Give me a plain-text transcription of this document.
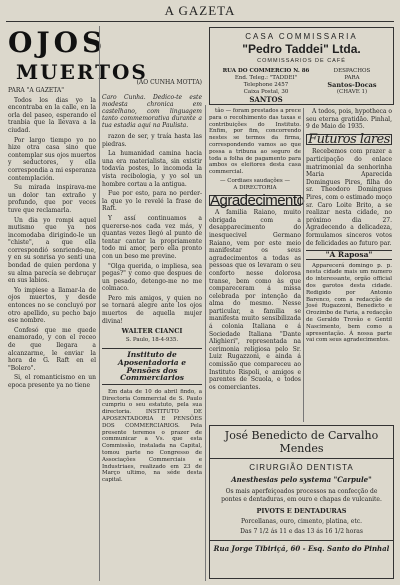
A GAZETA
OJOS
MUERTOS
PARA "A GAZETA"

Todos los dias yo la encontraba en la calle, en la orla del paseo, esperando el tranbia que la llevava a la ciudad.

Por largo tiempo yo no hize otra casa sino que contemplar sus ojos muertos y seductores, y ella correspondia a mi esperanza contemplación.

Su mirada inspirava-me un dolor tan extraño y profundo, que por veces tuve que reclamarla.

Un dia yo rompi aquel mutismo que ya nos incomodaba dirigindo-le un "chiste", a que ella correspondió sonriendo-me, y en su sonrisa yo sentí una bondad de quien perdona y su alma parecía se debruçar en sus labios.

Yo impiese a llamar-la de ojos muertos, y desde entonces no se concluyó por otro apellido, su pecho bajo ese nombre.

Confesó que me quede enamorado, y con el receo de que llegara a alcanzarme, le enviar la hora de G. Raft en el "Bolero".

Si, el romanticismo en un epoca presente ya no tiene

(AO CUNHA MOTTA)
Caro Cunha. Dedico-te este modesta chronica em castelhano, com linguagem tanto commemorativa durante a tua estadia aqui na Paulista.

razon de ser, y traía hasta las piedras.

La humanidad camina hacia una era materialista, sin existir todavía postes, lo incomoda la vista recibologia, y yo sol un hombre cortau a la antigua.

Fue por esto, para no perder-la que yo le revelé la frase de Raft.

Y assí continuamos a quererse-nos cada vez más, y quantas vezes llegó al punto de tentar cantar la propriamente todo mi amor, pero ella pronto con un beso me previne.

"Olga querida, o impliesa, sea pegas?" y como que despues de un pesado, detengo-me no me colmaco.

Pero mis amigos, y quien no se tornará alegre ante los ojos muertos de aquella mujer divina!

WALTER CIANCI
S. Paulo, 18-4-935.
Instituto de Aposentadoria e Pensões dos Commerciarios

Em data de 10 do abril findo, a Directoria Commercial de S. Paulo cumpriu o seu estatuto, pela sua directoria. INSTITUTO DE APOSENTADORIA E PENSÕES DOS COMMERCIARIOS. Pela presente teremos o prazer de communicar a Vs. que esta Commissão, instalada na Capital, tomou parte no Congresso de Associações Commerciais e Industriaes, realizado em 23 de Março ultimo, na séde desta capital.

CASA COMMISSARIA
"Pedro Taddei" Ltda.
COMMISSARIOS DE CAFÉ
RUA DO COMMERCIO N. 86
End. Teleg.: "TADDEI"
Telephone 2457
Caixa Postal, 30
SANTOS
DESPACHOS
PARA
Santos-Docas
(CHAVE 1)

tão — foram prestados a prece para o recolhimento das taxas e contribuições do Instituto. Enfim, por fim, concorrendo nestes se termos da firma, correspondendo vamos ao que possa a tribuna ao seguro de toda a folha de pagamento para ambos os eleitores desta casa commercial.

— Cordiaes saudações —
A DIRECTORIA
Agradecimento

A familia Raiano, muito obrigada com a desapparecimento do inesquecivel Germano Raiano, vem por este meio manifestar os seus agradecimentos a todas as pessoas que os levaram o seu conforto nesse dolorosa transe, bem como às que compareceram á missa celebrada por intenção da alma do mesmo. Nesse particular, a familia se manifesta muito sensibilizada á colonia Italiana e á Sociedade Italiana "Dante Alighieri", representada na cerimonia religiosa pelo Sr. Luiz Rugazzoni, e ainda á comissão que compareceu ao Instituto Rispoli, e amigos e parentes de Scuola, e todos os comerciantes.

A todos, pois, hypotheca o seu eterna gratidão. Pinhal, 9 de Maio de 1935.

Futuros lares

Recebemos com prazer a participação do enlace matrimonial da senhorinha Maria Aparecida Domingues Pires, filha do sr. Theodoro Domingues Pires, com o estimado moço sr. Caro Loite Brito, a se realizar nesta cidade, no próximo dia 27. Agradecendo a delicadeza, formulamos sinceros votos de felicidades ao futuro par.

"A Raposa"

Apparecerá domingo p. p. nesta cidade mais um numero do interessante, orgão official dos garotos desta cidade. Redigido por Antonio Barenco, com a redacção de José Rugazzoni, Benedicto e Orozimbo de Faria, a redacção de Geraldo Trovão e Gentil Nascimento, bem como a apresentação. Á nossa parte vai com seus agradecimentos.

José Benedicto de Carvalho Mendes
CIRURGIÃO DENTISTA
Anesthesias pelo systema "Carpule"
Os mais aperfeiçoados processos na confecção de pontes e dentaduras, em ouro e chapas de vulcanite.
PIVOTS E DENTADURAS
Porcellanas, ouro, cimento, platina, etc.
Das 7 1/2 ás 11 e das 13 ás 16 1/2 horas
Rua Jorge Tibiriçá, 60 - Esq. Santo do Pinhal
